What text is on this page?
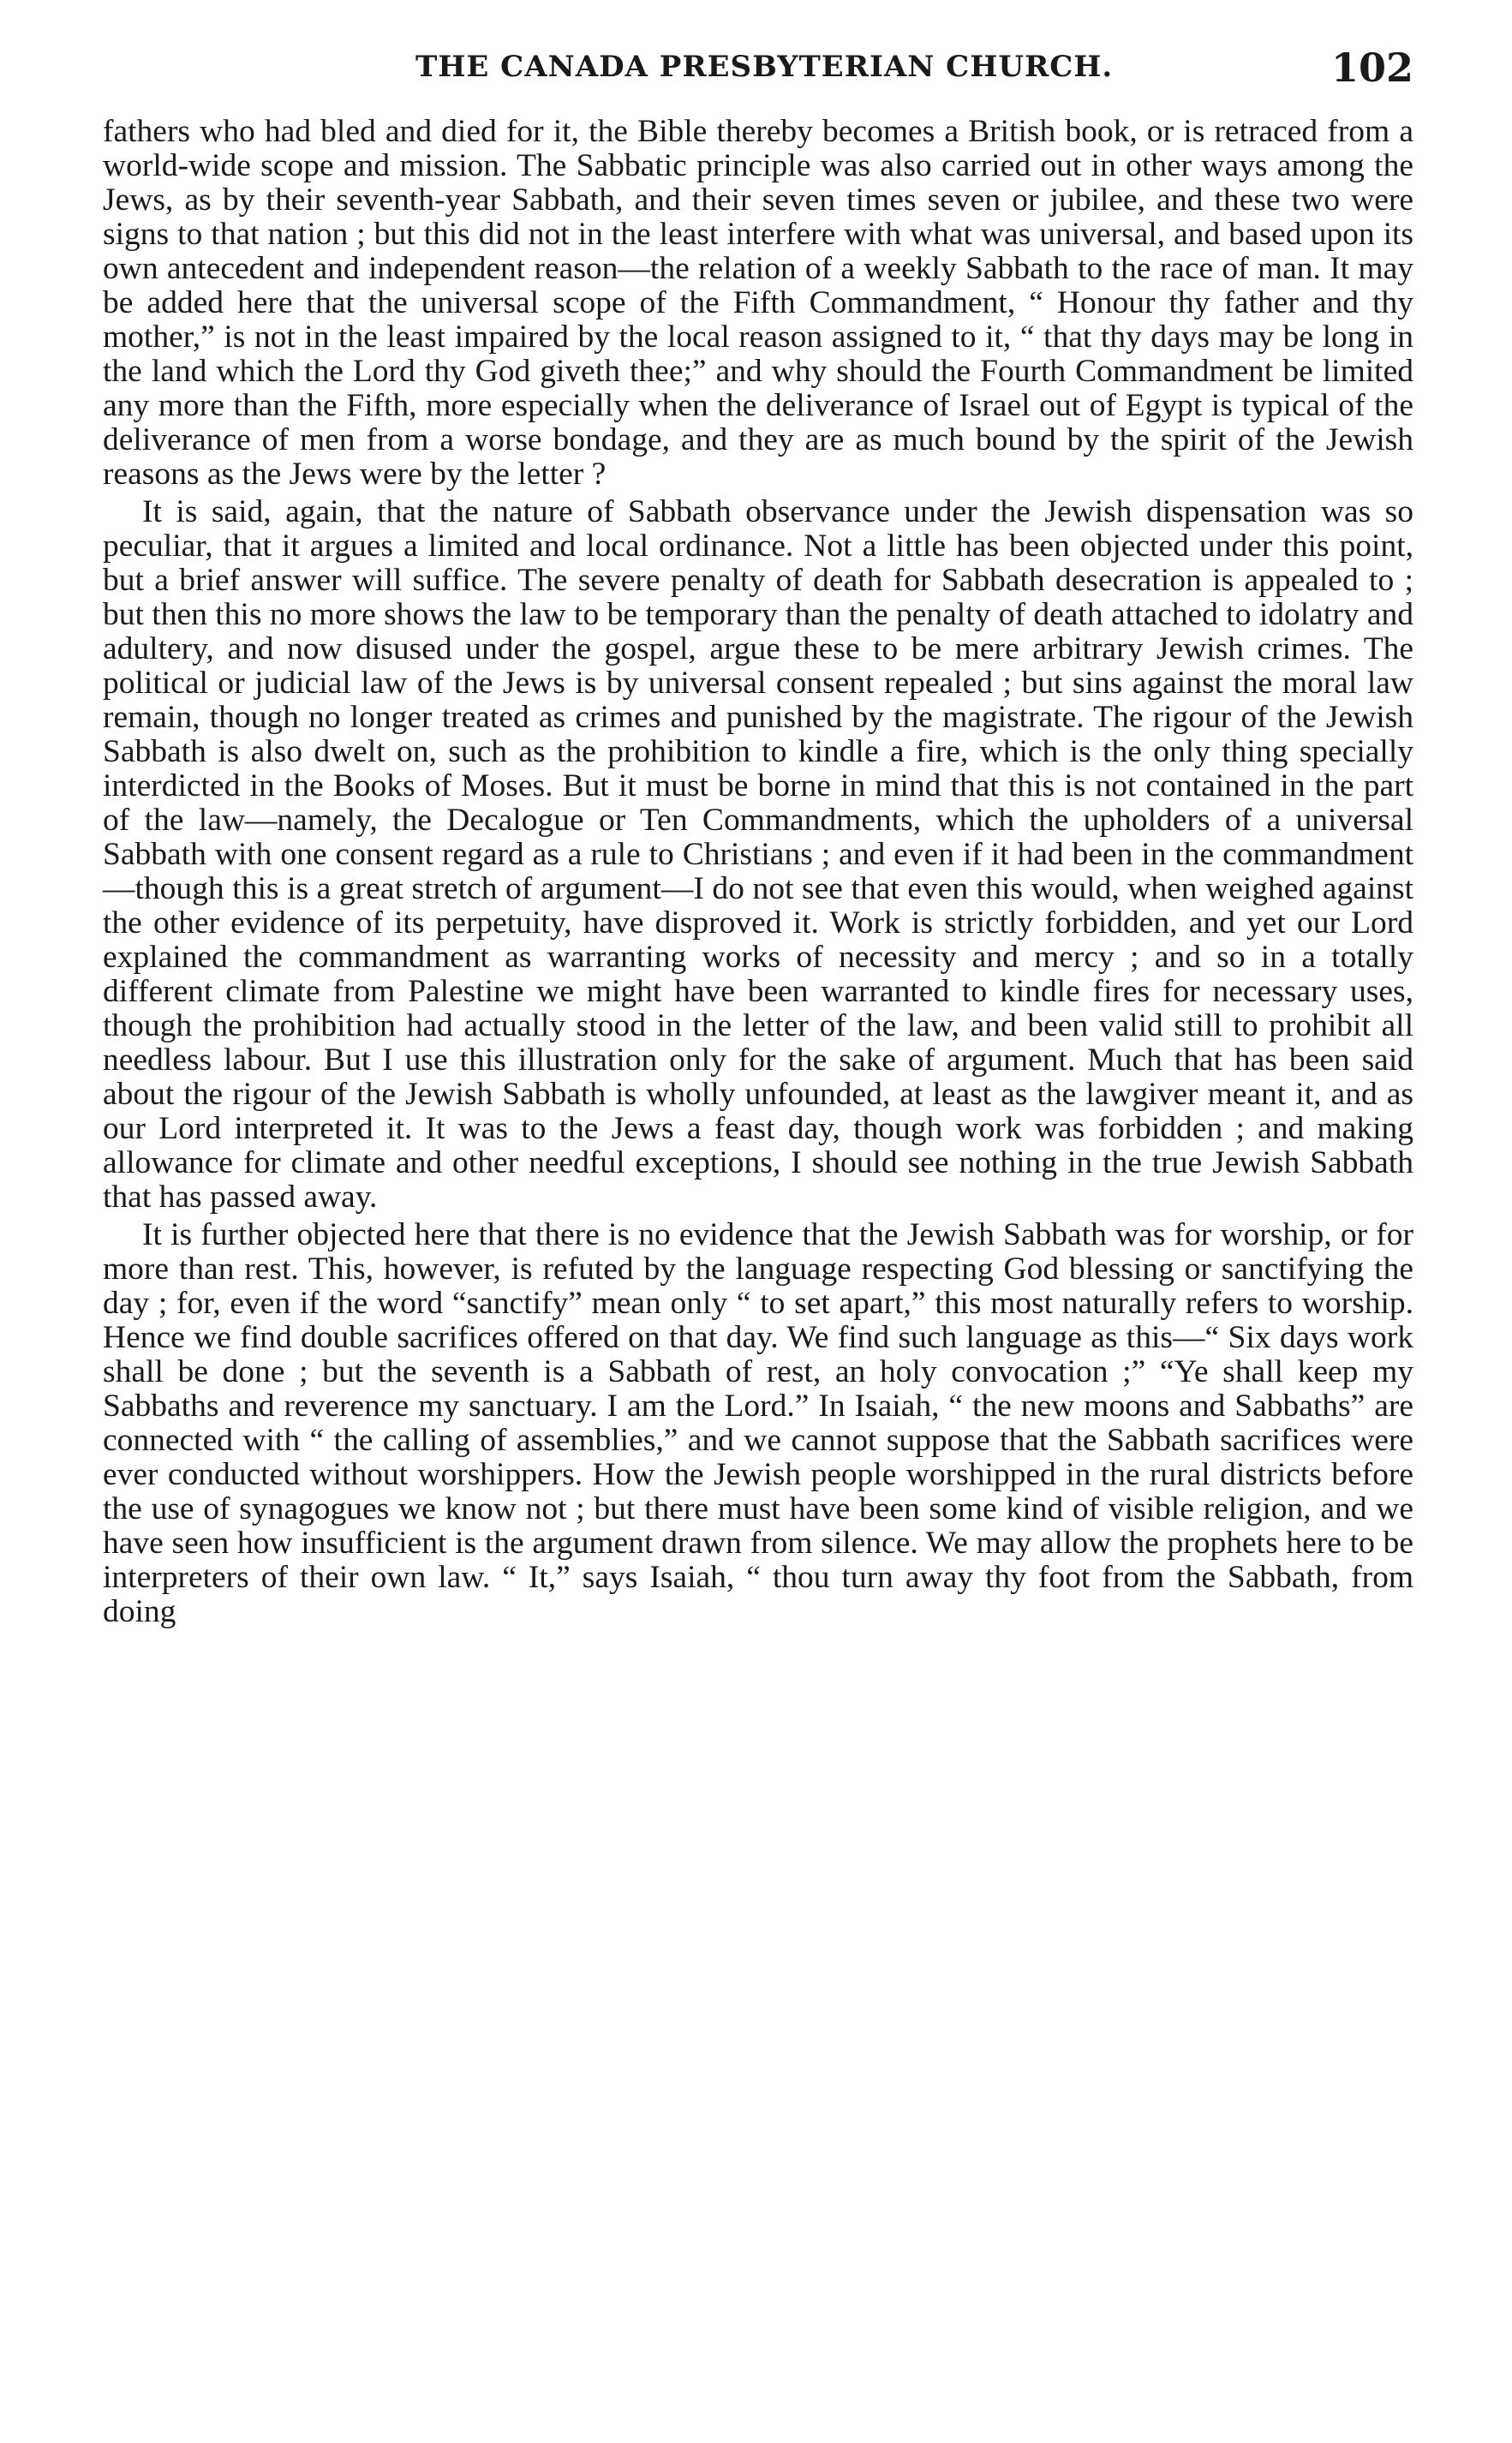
THE CANADA PRESBYTERIAN CHURCH.	102

fathers who had bled and died for it, the Bible thereby becomes a British book, or is retraced from a world-wide scope and mission. The Sabbatic principle was also carried out in other ways among the Jews, as by their seventh-year Sabbath, and their seven times seven or jubilee, and these two were signs to that nation ; but this did not in the least interfere with what was universal, and based upon its own antecedent and independent reason—the relation of a weekly Sabbath to the race of man. It may be added here that the universal scope of the Fifth Commandment, “ Honour thy father and thy mother,” is not in the least impaired by the local reason assigned to it, “ that thy days may be long in the land which the Lord thy God giveth thee;” and why should the Fourth Commandment be limited any more than the Fifth, more especially when the deliverance of Israel out of Egypt is typical of the deliverance of men from a worse bondage, and they are as much bound by the spirit of the Jewish reasons as the Jews were by the letter ?

It is said, again, that the nature of Sabbath observance under the Jewish dispensation was so peculiar, that it argues a limited and local ordinance. Not a little has been objected under this point, but a brief answer will suffice. The severe penalty of death for Sabbath desecration is appealed to ; but then this no more shows the law to be temporary than the penalty of death attached to idolatry and adultery, and now disused under the gospel, argue these to be mere arbitrary Jewish crimes. The political or judicial law of the Jews is by universal consent repealed ; but sins against the moral law remain, though no longer treated as crimes and punished by the magistrate. The rigour of the Jewish Sabbath is also dwelt on, such as the prohibition to kindle a fire, which is the only thing specially interdicted in the Books of Moses. But it must be borne in mind that this is not contained in the part of the law—namely, the Decalogue or Ten Commandments, which the upholders of a universal Sabbath with one consent regard as a rule to Christians ; and even if it had been in the commandment—though this is a great stretch of argument—I do not see that even this would, when weighed against the other evidence of its perpetuity, have disproved it. Work is strictly forbidden, and yet our Lord explained the commandment as warranting works of necessity and mercy ; and so in a totally different climate from Palestine we might have been warranted to kindle fires for necessary uses, though the prohibition had actually stood in the letter of the law, and been valid still to prohibit all needless labour. But I use this illustration only for the sake of argument. Much that has been said about the rigour of the Jewish Sabbath is wholly unfounded, at least as the lawgiver meant it, and as our Lord interpreted it. It was to the Jews a feast day, though work was forbidden ; and making allowance for climate and other needful exceptions, I should see nothing in the true Jewish Sabbath that has passed away.

It is further objected here that there is no evidence that the Jewish Sabbath was for worship, or for more than rest. This, however, is refuted by the language respecting God blessing or sanctifying the day ; for, even if the word “sanctify” mean only “ to set apart,” this most naturally refers to worship. Hence we find double sacrifices offered on that day. We find such language as this—“ Six days work shall be done ; but the seventh is a Sabbath of rest, an holy convocation ;” “Ye shall keep my Sabbaths and reverence my sanctuary. I am the Lord.” In Isaiah, “ the new moons and Sabbaths” are connected with “ the calling of assemblies,” and we cannot suppose that the Sabbath sacrifices were ever conducted without worshippers. How the Jewish people worshipped in the rural districts before the use of synagogues we know not ; but there must have been some kind of visible religion, and we have seen how insufficient is the argument drawn from silence. We may allow the prophets here to be interpreters of their own law. “ It,” says Isaiah, “ thou turn away thy foot from the Sabbath, from doing
